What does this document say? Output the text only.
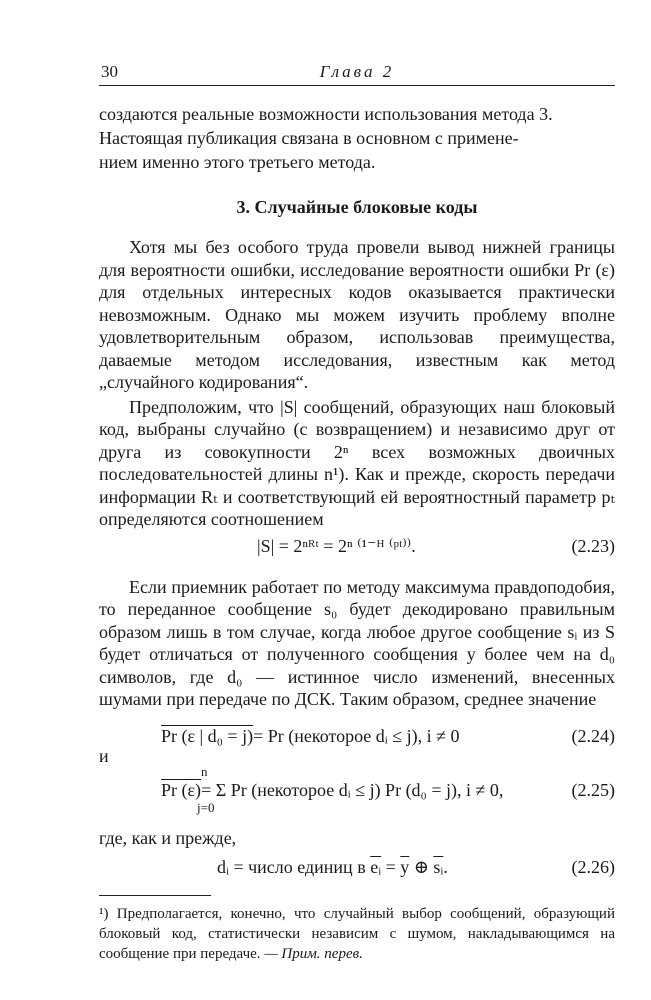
30	Глава 2

создаются реальные возможности использования метода 3.

Настоящая публикация связана в основном с примене-

нием именно этого третьего метода.

3. Случайные блоковые коды

Хотя мы без особого труда провели вывод нижней границы для вероятности ошибки, исследование вероятности ошибки Pr (ε) для отдельных интересных кодов оказывается практически невозможным. Однако мы можем изучить проблему вполне удовлетворительным образом, использовав преимущества, даваемые методом исследования, известным как метод „случайного кодирования“.

Предположим, что |S| сообщений, образующих наш блоковый код, выбраны случайно (с возвращением) и независимо друг от друга из совокупности 2ⁿ всех возможных двоичных последовательностей длины n¹). Как и прежде, скорость передачи информации Rₜ и соответствующий ей вероятностный параметр pₜ определяются соотношением

|S| = 2ⁿᴿᵗ = 2ⁿ ⁽¹⁻ᴴ ⁽ᵖᵗ⁾⁾.	(2.23)

Если приемник работает по методу максимума правдоподобия, то переданное сообщение s₀ будет декодировано правильным образом лишь в том случае, когда любое другое сообщение sᵢ из S будет отличаться от полученного сообщения y более чем на d₀ символов, где d₀ — истинное число изменений, внесенных шумами при передаче по ДСК. Таким образом, среднее значение

Pr (ε | d₀ = j)= Pr (некоторое dᵢ ≤ j), i ≠ 0	(2.24)

и

n
Pr (ε)= Σ Pr (некоторое dᵢ ≤ j) Pr (d₀ = j), i ≠ 0,
j=0
(2.25)

где, как и прежде,

dᵢ = число единиц в $\overline{eᵢ} = \overline{y}$ ⊕ $\overline{sᵢ}$.	(2.26)

¹) Предполагается, конечно, что случайный выбор сообщений, образующий блоковый код, статистически независим с шумом, накладывающимся на сообщение при передаче. — Прим. перев.
